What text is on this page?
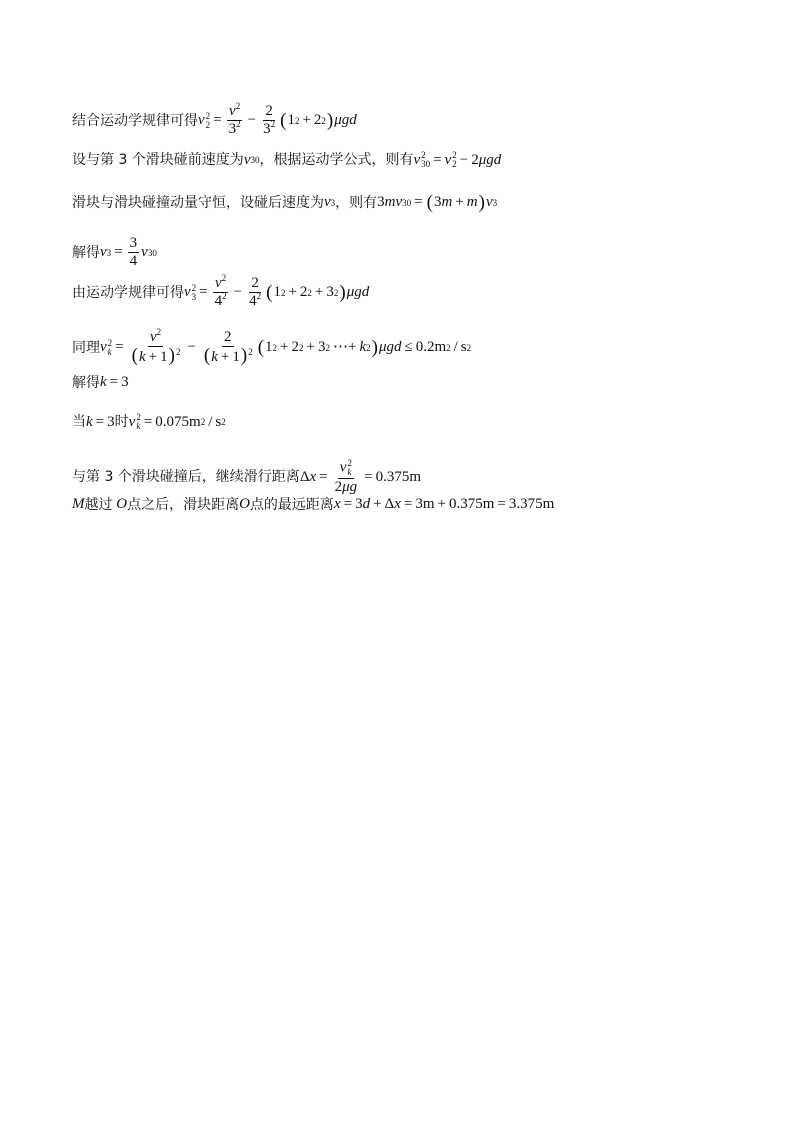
结合运动学规律可得 v 2
$2 = \frac{v^2}{3^2} - \frac{2}{3^2}$ ( 1 2 + 2 2 ) μgd
设与第 3 个滑块碰前速度为 v 30 ，根据运动学公式，则有 v 2
30 = v 2
2 − 2 μgd
滑块与滑块碰撞动量守恒，设碰后速度为 v 3 ，则有 3 mv 30 = ( 3 m + m ) v 3
解得 v $3 = \frac{3}{4}$ v 30
由运动学规律可得 v 2
$3 = \frac{v^2}{4^2} - \frac{2}{4^2}$ ( 1 2 + 2 2 + 3 2 ) μgd
同理 v 2
$k = \frac{v^2}{(k + 1)^2} - \frac{2}{(k + 1)^2}$ ( 1 2 + 2 2 + 3 2 ⋯+ k 2 ) μgd ≤ 0.2m 2 / s 2
解得 k = 3
当 k = 3 时 v 2
k = 0.075m 2 / s 2
与第 3 个滑块碰撞后，继续滑行距离 Δ x = v 2
k
2μg = 0.375m
M 越过 O 点之后，滑块距离 O 点的最远距离 x = 3 d + Δ x = 3m + 0.375m = 3.375m
